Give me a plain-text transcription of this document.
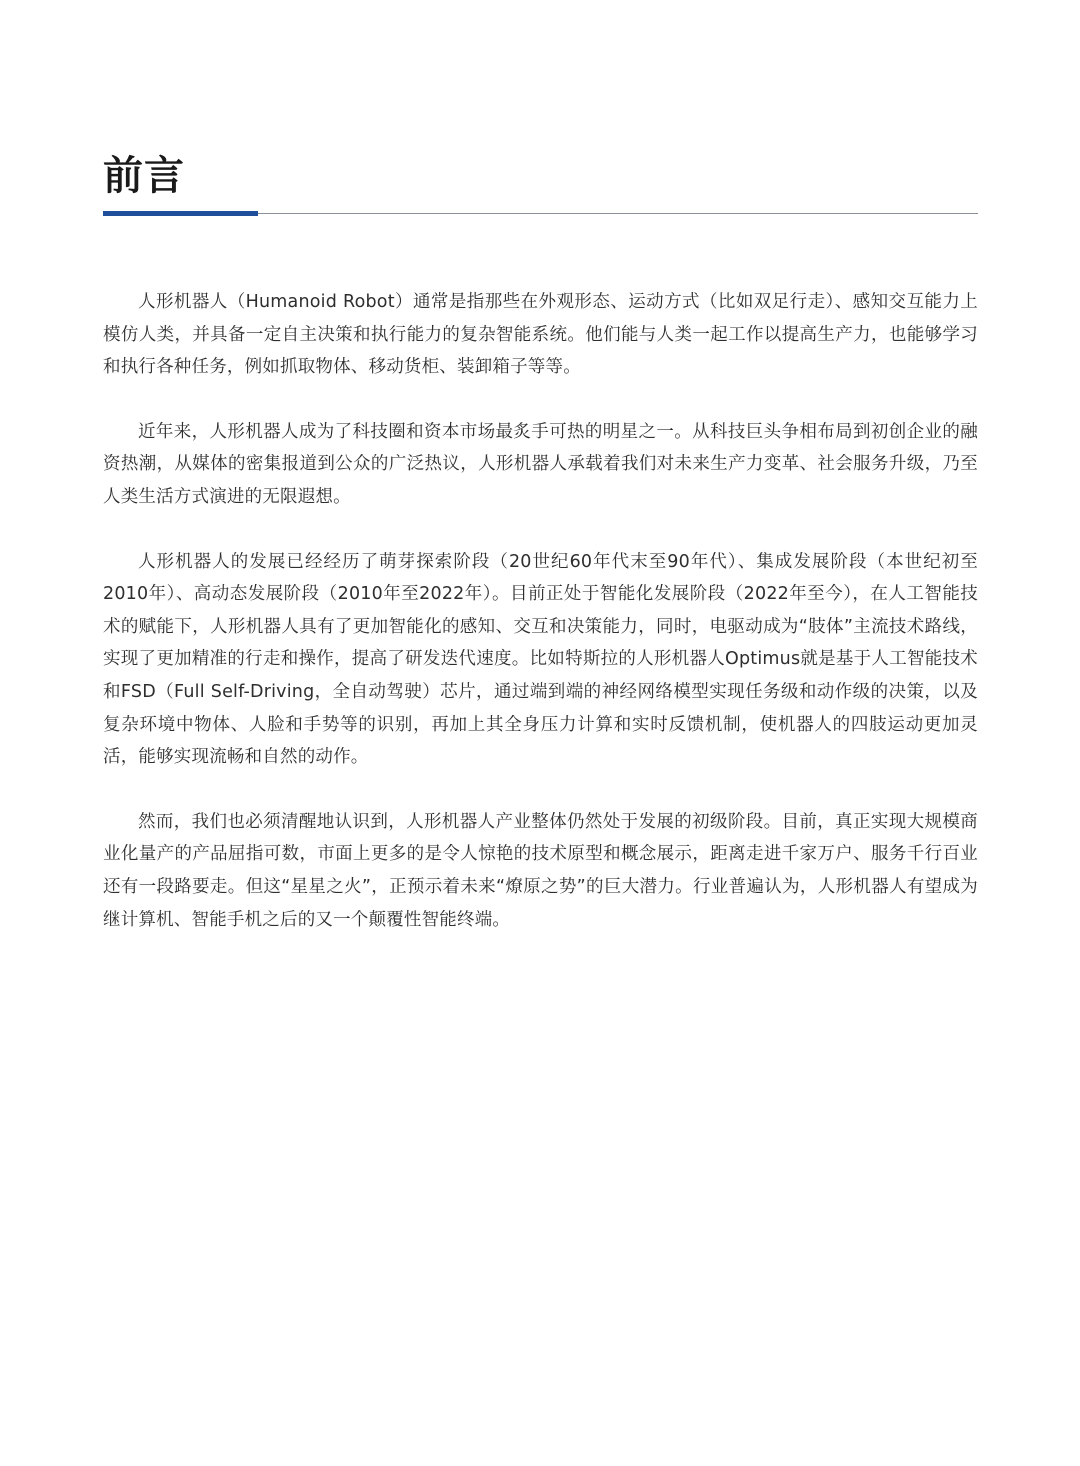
前言

人形机器人（Humanoid Robot）通常是指那些在外观形态、运动方式（比如双足行走）、感知交互能力上模仿人类，并具备一定自主决策和执行能力的复杂智能系统。他们能与人类一起工作以提高生产力，也能够学习和执行各种任务，例如抓取物体、移动货柜、装卸箱子等等。

近年来，人形机器人成为了科技圈和资本市场最炙手可热的明星之一。从科技巨头争相布局到初创企业的融资热潮，从媒体的密集报道到公众的广泛热议，人形机器人承载着我们对未来生产力变革、社会服务升级，乃至人类生活方式演进的无限遐想。

人形机器人的发展已经经历了萌芽探索阶段（20世纪60年代末至90年代）、集成发展阶段（本世纪初至2010年）、高动态发展阶段（2010年至2022年）。目前正处于智能化发展阶段（2022年至今），在人工智能技术的赋能下，人形机器人具有了更加智能化的感知、交互和决策能力，同时，电驱动成为“肢体”主流技术路线，实现了更加精准的行走和操作，提高了研发迭代速度。比如特斯拉的人形机器人Optimus就是基于人工智能技术和FSD（Full Self-Driving，全自动驾驶）芯片，通过端到端的神经网络模型实现任务级和动作级的决策，以及复杂环境中物体、人脸和手势等的识别，再加上其全身压力计算和实时反馈机制，使机器人的四肢运动更加灵活，能够实现流畅和自然的动作。

然而，我们也必须清醒地认识到，人形机器人产业整体仍然处于发展的初级阶段。目前，真正实现大规模商业化量产的产品屈指可数，市面上更多的是令人惊艳的技术原型和概念展示，距离走进千家万户、服务千行百业还有一段路要走。但这“星星之火”，正预示着未来“燎原之势”的巨大潜力。行业普遍认为，人形机器人有望成为继计算机、智能手机之后的又一个颠覆性智能终端。
